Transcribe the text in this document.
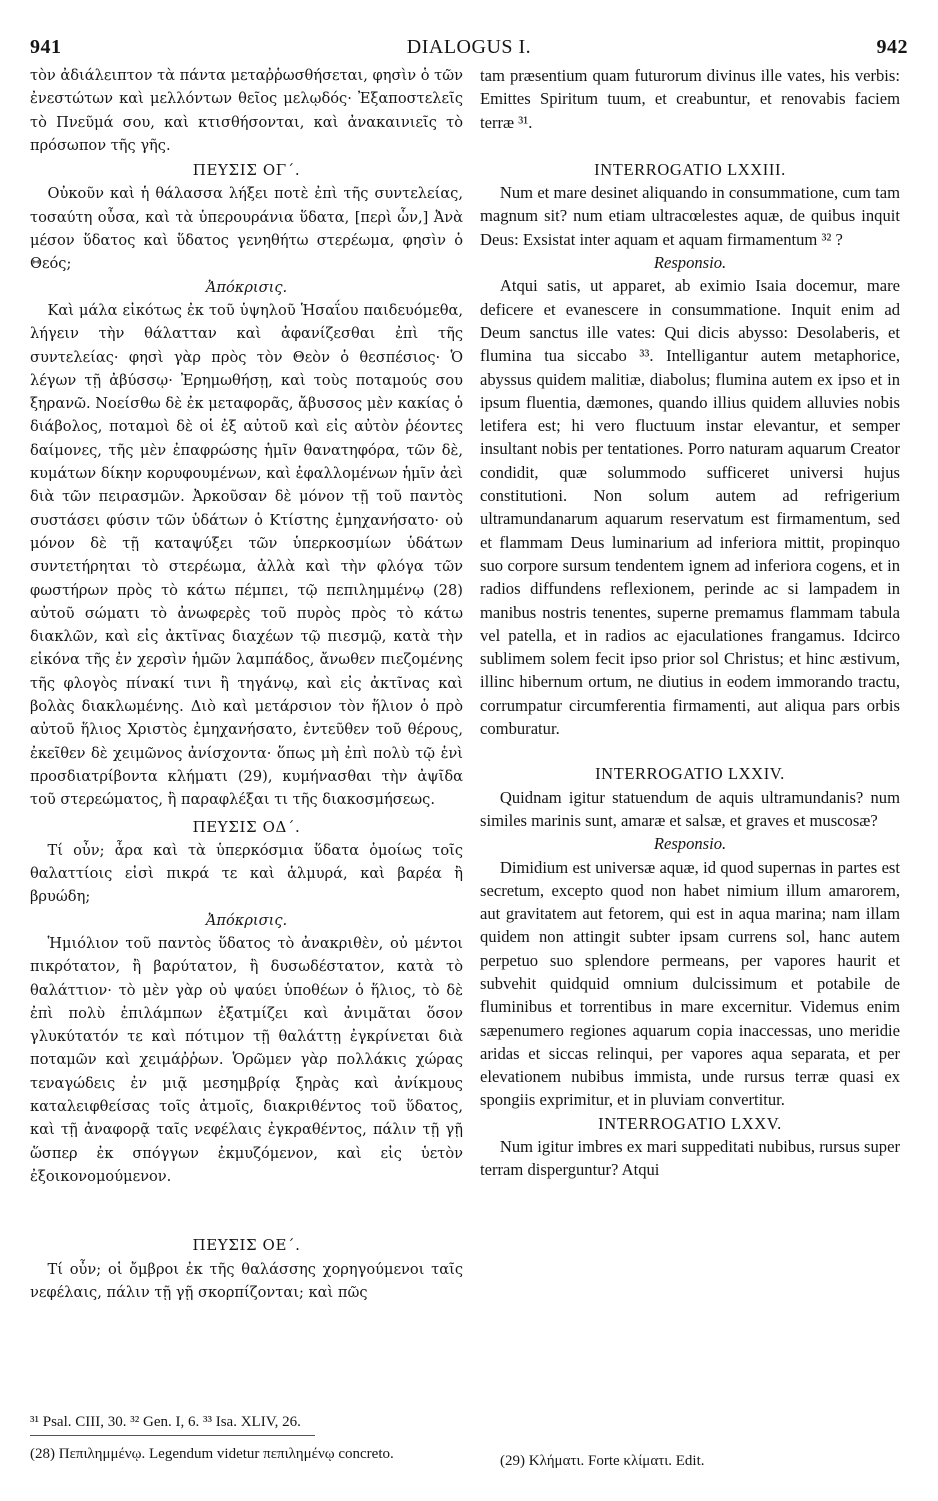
941	DIALOGUS I.	942

τὸν ἀδιάλειπτον τὰ πάντα μεταῤῥωσθήσεται, φησὶν ὁ τῶν ἐνεστώτων καὶ μελλόντων θεῖος μελῳδός· Ἐξαποστελεῖς τὸ Πνεῦμά σου, καὶ κτισθήσονται, καὶ ἀνακαινιεῖς τὸ πρόσωπον τῆς γῆς.

ΠΕΥΣΙΣ ΟΓ΄.

Οὐκοῦν καὶ ἡ θάλασσα λήξει ποτὲ ἐπὶ τῆς συντελείας, τοσαύτη οὖσα, καὶ τὰ ὑπερουράνια ὕδατα, [περὶ ὧν,] Ἀνὰ μέσον ὕδατος καὶ ὕδατος γενηθήτω στερέωμα, φησὶν ὁ Θεός;

Ἀπόκρισις.

Καὶ μάλα εἰκότως ἐκ τοῦ ὑψηλοῦ Ἡσαΐου παιδευόμεθα, λήγειν τὴν θάλατταν καὶ ἀφανίζεσθαι ἐπὶ τῆς συντελείας· φησὶ γὰρ πρὸς τὸν Θεὸν ὁ θεσπέσιος· Ὁ λέγων τῇ ἀβύσσῳ· Ἐρημωθήσῃ, καὶ τοὺς ποταμούς σου ξηρανῶ. Νοείσθω δὲ ἐκ μεταφορᾶς, ἄβυσσος μὲν κακίας ὁ διάβολος, ποταμοὶ δὲ οἱ ἐξ αὐτοῦ καὶ εἰς αὐτὸν ῥέοντες δαίμονες, τῆς μὲν ἐπαφρώσης ἡμῖν θανατηφόρα, τῶν δὲ, κυμάτων δίκην κορυφουμένων, καὶ ἐφαλλομένων ἡμῖν ἀεὶ διὰ τῶν πειρασμῶν. Ἀρκοῦσαν δὲ μόνον τῇ τοῦ παντὸς συστάσει φύσιν τῶν ὑδάτων ὁ Κτίστης ἐμηχανήσατο· οὐ μόνον δὲ τῇ καταψύξει τῶν ὑπερκοσμίων ὑδάτων συντετήρηται τὸ στερέωμα, ἀλλὰ καὶ τὴν φλόγα τῶν φωστήρων πρὸς τὸ κάτω πέμπει, τῷ πεπιλημμένῳ (28) αὐτοῦ σώματι τὸ ἀνωφερὲς τοῦ πυρὸς πρὸς τὸ κάτω διακλῶν, καὶ εἰς ἀκτῖνας διαχέων τῷ πιεσμῷ, κατὰ τὴν εἰκόνα τῆς ἐν χερσὶν ἡμῶν λαμπάδος, ἄνωθεν πιεζομένης τῆς φλογὸς πίνακί τινι ἢ τηγάνῳ, καὶ εἰς ἀκτῖνας καὶ βολὰς διακλωμένης. Διὸ καὶ μετάρσιον τὸν ἥλιον ὁ πρὸ αὐτοῦ ἥλιος Χριστὸς ἐμηχανήσατο, ἐντεῦθεν τοῦ θέρους, ἐκεῖθεν δὲ χειμῶνος ἀνίσχοντα· ὅπως μὴ ἐπὶ πολὺ τῷ ἑνὶ προσδιατρίβοντα κλήματι (29), κυμήνασθαι τὴν ἀψῖδα τοῦ στερεώματος, ἢ παραφλέξαι τι τῆς διακοσμήσεως.

ΠΕΥΣΙΣ ΟΔ΄.

Τί οὖν; ἆρα καὶ τὰ ὑπερκόσμια ὕδατα ὁμοίως τοῖς θαλαττίοις εἰσὶ πικρά τε καὶ ἁλμυρά, καὶ βαρέα ἢ βρυώδη;

Ἀπόκρισις.

Ἡμιόλιον τοῦ παντὸς ὕδατος τὸ ἀνακριθὲν, οὐ μέντοι πικρότατον, ἢ βαρύτατον, ἢ δυσωδέστατον, κατὰ τὸ θαλάττιον· τὸ μὲν γὰρ οὐ ψαύει ὑποθέων ὁ ἥλιος, τὸ δὲ ἐπὶ πολὺ ἐπιλάμπων ἐξατμίζει καὶ ἀνιμᾶται ὅσον γλυκύτατόν τε καὶ πότιμον τῇ θαλάττῃ ἐγκρίνεται διὰ ποταμῶν καὶ χειμάῤῥων. Ὁρῶμεν γὰρ πολλάκις χώρας τεναγώδεις ἐν μιᾷ μεσημβρίᾳ ξηρὰς καὶ ἀνίκμους καταλειφθείσας τοῖς ἀτμοῖς, διακριθέντος τοῦ ὕδατος, καὶ τῇ ἀναφορᾷ ταῖς νεφέλαις ἐγκραθέντος, πάλιν τῇ γῇ ὥσπερ ἐκ σπόγγων ἐκμυζόμενον, καὶ εἰς ὑετὸν ἐξοικονομούμενον.

ΠΕΥΣΙΣ ΟΕ΄.

Τί οὖν; οἱ ὄμβροι ἐκ τῆς θαλάσσης χορηγούμενοι ταῖς νεφέλαις, πάλιν τῇ γῇ σκορπίζονται; καὶ πῶς

tam præsentium quam futurorum divinus ille vates, his verbis: Emittes Spiritum tuum, et creabuntur, et renovabis faciem terræ ³¹.

INTERROGATIO LXXIII.

Num et mare desinet aliquando in consummatione, cum tam magnum sit? num etiam ultracœlestes aquæ, de quibus inquit Deus: Exsistat inter aquam et aquam firmamentum ³² ?

Responsio.

Atqui satis, ut apparet, ab eximio Isaia docemur, mare deficere et evanescere in consummatione. Inquit enim ad Deum sanctus ille vates: Qui dicis abysso: Desolaberis, et flumina tua siccabo ³³. Intelligantur autem metaphorice, abyssus quidem malitiæ, diabolus; flumina autem ex ipso et in ipsum fluentia, dæmones, quando illius quidem alluvies nobis letifera est; hi vero fluctuum instar elevantur, et semper insultant nobis per tentationes. Porro naturam aquarum Creator condidit, quæ solummodo sufficeret universi hujus constitutioni. Non solum autem ad refrigerium ultramundanarum aquarum reservatum est firmamentum, sed et flammam Deus luminarium ad inferiora mittit, propinquo suo corpore sursum tendentem ignem ad inferiora cogens, et in radios diffundens reflexionem, perinde ac si lampadem in manibus nostris tenentes, superne premamus flammam tabula vel patella, et in radios ac ejaculationes frangamus. Idcirco sublimem solem fecit ipso prior sol Christus; et hinc æstivum, illinc hibernum ortum, ne diutius in eodem immorando tractu, corrumpatur circumferentia firmamenti, aut aliqua pars orbis comburatur.

INTERROGATIO LXXIV.

Quidnam igitur statuendum de aquis ultramundanis? num similes marinis sunt, amaræ et salsæ, et graves et muscosæ?

Responsio.

Dimidium est universæ aquæ, id quod supernas in partes est secretum, excepto quod non habet nimium illum amarorem, aut gravitatem aut fetorem, qui est in aqua marina; nam illam quidem non attingit subter ipsam currens sol, hanc autem perpetuo suo splendore permeans, per vapores haurit et subvehit quidquid omnium dulcissimum et potabile de fluminibus et torrentibus in mare excernitur. Videmus enim sæpenumero regiones aquarum copia inaccessas, uno meridie aridas et siccas relinqui, per vapores aqua separata, et per elevationem nubibus immista, unde rursus terræ quasi ex spongiis exprimitur, et in pluviam convertitur.

INTERROGATIO LXXV.

Num igitur imbres ex mari suppeditati nubibus, rursus super terram disperguntur? Atqui

³¹ Psal. CIII, 30. ³² Gen. I, 6. ³³ Isa. XLIV, 26.

(28) Πεπιλημμένῳ. Legendum videtur πεπιλημένῳ concreto.	(29) Κλήματι. Forte κλίματι. Edit.
